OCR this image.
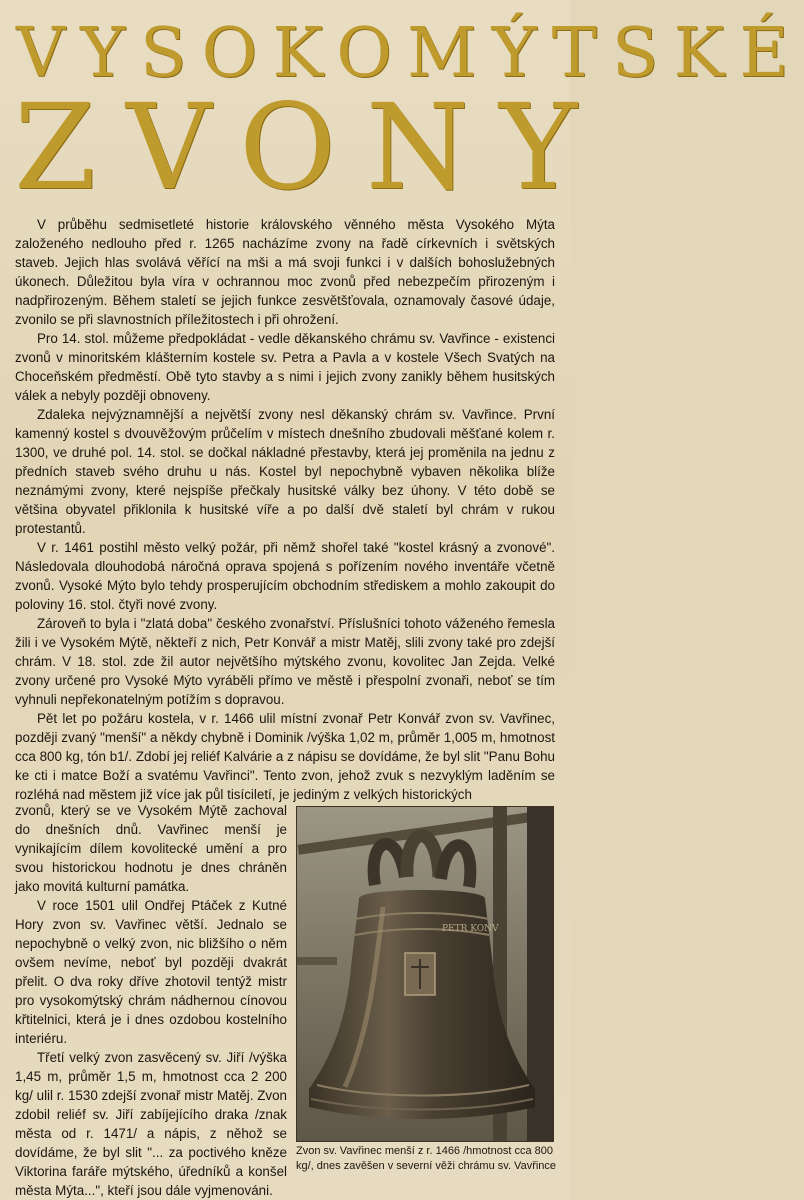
VYSOKOMÝTSKÉ
ZVONY

V průběhu sedmisetleté historie královského věnného města Vysokého Mýta založeného nedlouho před r. 1265 nacházíme zvony na řadě církevních i světských staveb. Jejich hlas svolává věřící na mši a má svoji funkci i v dalších bohoslužebných úkonech. Důležitou byla víra v ochrannou moc zvonů před nebezpečím přirozeným i nadpřirozeným. Během staletí se jejich funkce zesvětšťovala, oznamovaly časové údaje, zvonilo se při slavnostních příležitostech i při ohrožení.

Pro 14. stol. můžeme předpokládat - vedle děkanského chrámu sv. Vavřince - existenci zvonů v minoritském klášterním kostele sv. Petra a Pavla a v kostele Všech Svatých na Choceňském předměstí. Obě tyto stavby a s nimi i jejich zvony zanikly během husitských válek a nebyly později obnoveny.

Zdaleka nejvýznamnější a největší zvony nesl děkanský chrám sv. Vavřince. První kamenný kostel s dvouvěžovým průčelím v místech dnešního zbudovali měšťané kolem r. 1300, ve druhé pol. 14. stol. se dočkal nákladné přestavby, která jej proměnila na jednu z předních staveb svého druhu u nás. Kostel byl nepochybně vybaven několika blíže neznámými zvony, které nejspíše přečkaly husitské války bez úhony. V této době se většina obyvatel přiklonila k husitské víře a po další dvě staletí byl chrám v rukou protestantů.

V r. 1461 postihl město velký požár, při němž shořel také "kostel krásný a zvonové". Následovala dlouhodobá náročná oprava spojená s pořízením nového inventáře včetně zvonů. Vysoké Mýto bylo tehdy prosperujícím obchodním střediskem a mohlo zakoupit do poloviny 16. stol. čtyři nové zvony.

Zároveň to byla i "zlatá doba" českého zvonařství. Příslušníci tohoto váženého řemesla žili i ve Vysokém Mýtě, někteří z nich, Petr Konvář a mistr Matěj, slili zvony také pro zdejší chrám. V 18. stol. zde žil autor největšího mýtského zvonu, kovolitec Jan Zejda. Velké zvony určené pro Vysoké Mýto vyráběli přímo ve městě i přespolní zvonaři, neboť se tím vyhnuli nepřekonatelným potížím s dopravou.

Pět let po požáru kostela, v r. 1466 ulil místní zvonař Petr Konvář zvon sv. Vavřinec, později zvaný "menší" a někdy chybně i Dominik /výška 1,02 m, průměr 1,005 m, hmotnost cca 800 kg, tón b1/. Zdobí jej reliéf Kalvárie a z nápisu se dovídáme, že byl slit "Panu Bohu ke cti i matce Boží a svatému Vavřinci". Tento zvon, jehož zvuk s nezvyklým laděním se rozléhá nad městem již více jak půl tisíciletí, je jediným z velkých historických

zvonů, který se ve Vysokém Mýtě zachoval do dnešních dnů. Vavřinec menší je vynikajícím dílem kovolitecké umění a pro svou historickou hodnotu je dnes chráněn jako movitá kulturní památka.

V roce 1501 ulil Ondřej Ptáček z Kutné Hory zvon sv. Vavřinec větší. Jednalo se nepochybně o velký zvon, nic bližšího o něm ovšem nevíme, neboť byl později dvakrát přelit. O dva roky dříve zhotovil tentýž mistr pro vysokomýtský chrám nádhernou cínovou křtitelnici, která je i dnes ozdobou kostelního interiéru.

Třetí velký zvon zasvěcený sv. Jiří /výška 1,45 m, průměr 1,5 m, hmotnost cca 2 200 kg/ ulil r. 1530 zdejší zvonař mistr Matěj. Zvon zdobil reliéf sv. Jiří zabíjejícího draka /znak města od r. 1471/ a nápis, z něhož se dovídáme, že byl slit "... za poctivého kněze Viktorina faráře mýtského, úředníků a konšel města Mýta...", kteří jsou dále vyjmenováni.

PETR KONV
Zvon sv. Vavřinec menší z r. 1466 /hmotnost cca 800 kg/, dnes zavěšen v severní věži chrámu sv. Vavřince
